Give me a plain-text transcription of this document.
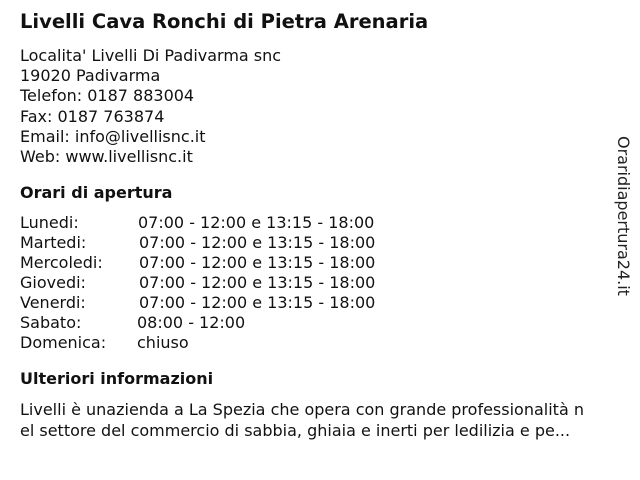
Livelli Cava Ronchi di Pietra Arenaria
Localita' Livelli Di Padivarma snc
19020 Padivarma
Telefon: 0187 883004
Fax: 0187 763874
Email: info@livellisnc.it
Web: www.livellisnc.it
Orari di apertura
Lunedi:	07:00 - 12:00 e 13:15 - 18:00
Martedi:	07:00 - 12:00 e 13:15 - 18:00
Mercoledi: 07:00 - 12:00 e 13:15 - 18:00
Giovedi:	07:00 - 12:00 e 13:15 - 18:00
Venerdi:	07:00 - 12:00 e 13:15 - 18:00
Sabato:	08:00 - 12:00
Domenica: chiuso
Ulteriori informazioni
Livelli è unazienda a La Spezia che opera con grande professionalità n
el settore del commercio di sabbia, ghiaia e inerti per ledilizia e pe...
Oraridiapertura24.it
